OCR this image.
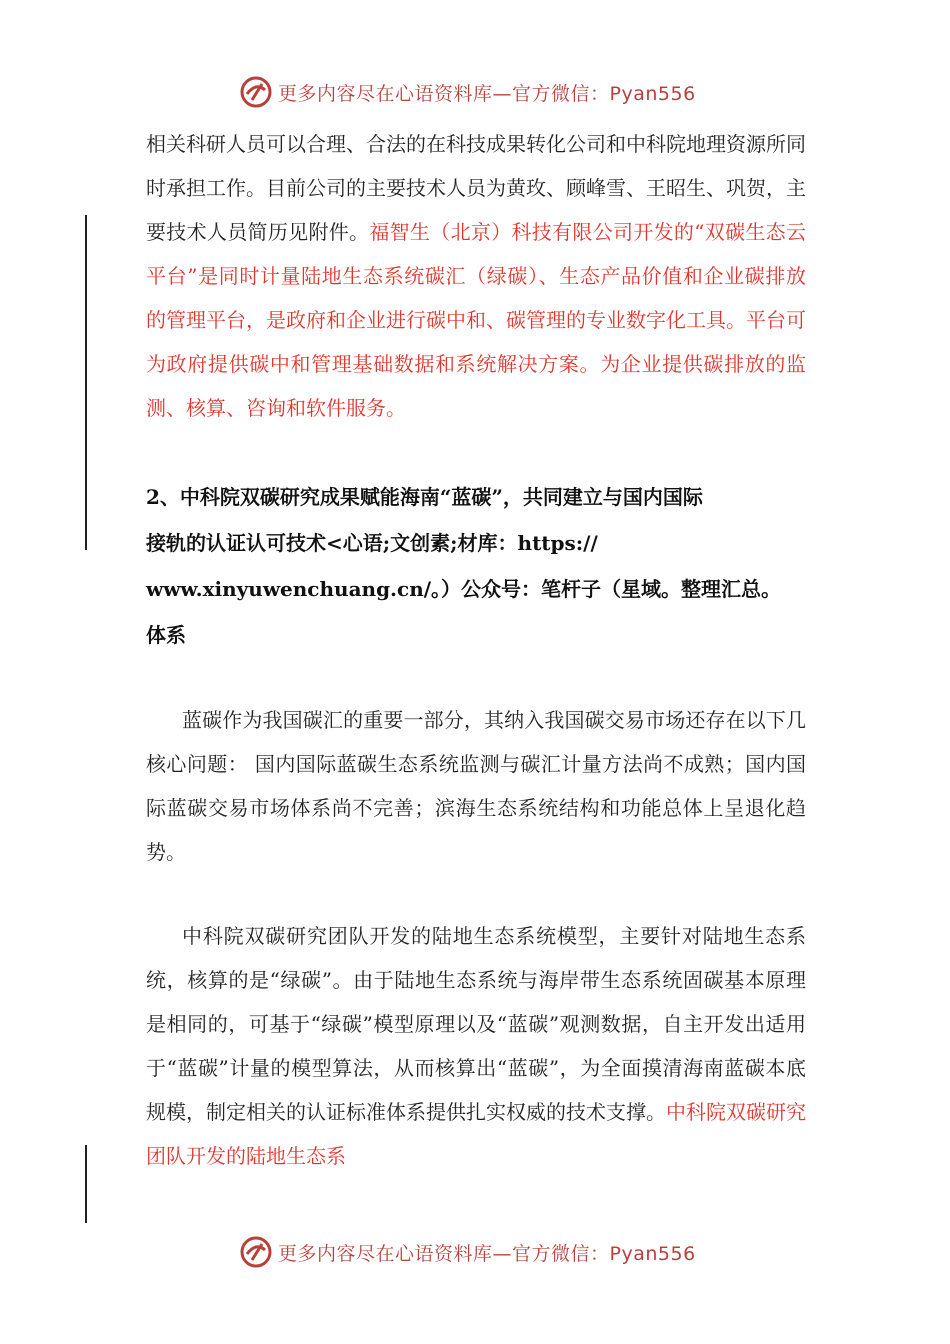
更多内容尽在心语资料库—官方微信：Pyan556

相关科研人员可以合理、合法的在科技成果转化公司和中科院地理资源所同时承担工作。目前公司的主要技术人员为黄玫、顾峰雪、王昭生、巩贺，主要技术人员简历见附件。福智生（北京）科技有限公司开发的“双碳生态云平台”是同时计量陆地生态系统碳汇（绿碳）、生态产品价值和企业碳排放的管理平台，是政府和企业进行碳中和、碳管理的专业数字化工具。平台可为政府提供碳中和管理基础数据和系统解决方案。为企业提供碳排放的监测、核算、咨询和软件服务。

2、中科院双碳研究成果赋能海南“蓝碳”，共同建立与国内国际

接轨的认证认可技术<心语;文创素;材库：https://

www.xinyuwenchuang.cn/。）公众号：笔杆子（星域。整理汇总。

体系

蓝碳作为我国碳汇的重要一部分，其纳入我国碳交易市场还存在以下几核心问题： 国内国际蓝碳生态系统监测与碳汇计量方法尚不成熟；国内国际蓝碳交易市场体系尚不完善；滨海生态系统结构和功能总体上呈退化趋势。

中科院双碳研究团队开发的陆地生态系统模型，主要针对陆地生态系统，核算的是“绿碳”。由于陆地生态系统与海岸带生态系统固碳基本原理是相同的，可基于“绿碳”模型原理以及“蓝碳”观测数据，自主开发出适用于“蓝碳”计量的模型算法，从而核算出“蓝碳”，为全面摸清海南蓝碳本底规模，制定相关的认证标准体系提供扎实权威的技术支撑。中科院双碳研究团队开发的陆地生态系

更多内容尽在心语资料库—官方微信：Pyan556
